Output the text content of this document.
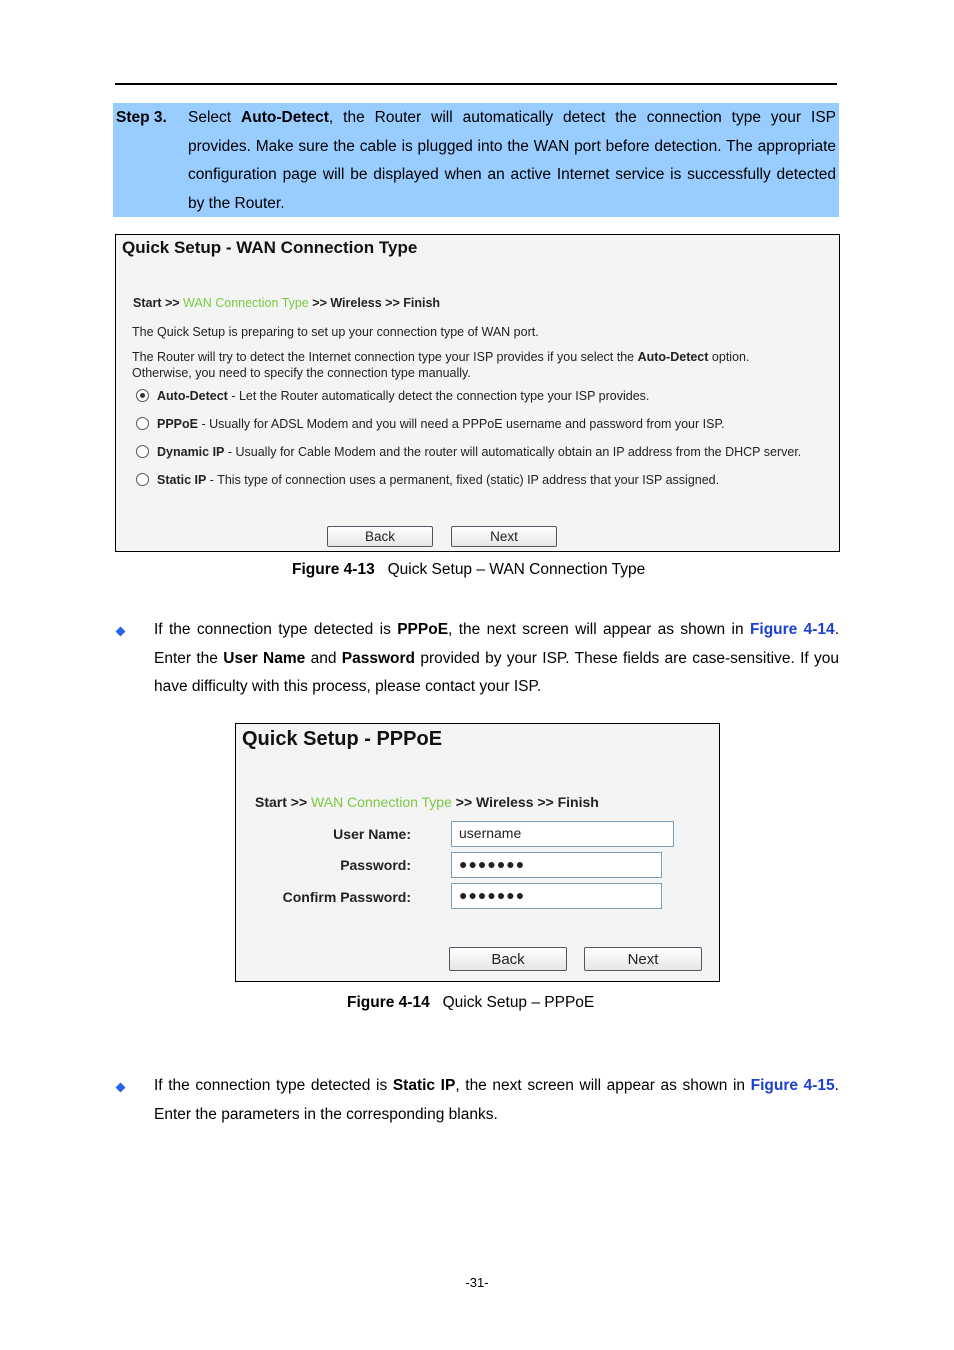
Step 3. Select Auto-Detect, the Router will automatically detect the connection type your ISP provides. Make sure the cable is plugged into the WAN port before detection. The appropriate configuration page will be displayed when an active Internet service is successfully detected by the Router.
Quick Setup - WAN Connection Type
Start >> WAN Connection Type >> Wireless >> Finish
The Quick Setup is preparing to set up your connection type of WAN port.
The Router will try to detect the Internet connection type your ISP provides if you select the Auto-Detect option.
Otherwise, you need to specify the connection type manually.
Auto-Detect - Let the Router automatically detect the connection type your ISP provides.
PPPoE - Usually for ADSL Modem and you will need a PPPoE username and password from your ISP.
Dynamic IP - Usually for Cable Modem and the router will automatically obtain an IP address from the DHCP server.
Static IP - This type of connection uses a permanent, fixed (static) IP address that your ISP assigned.
Back	Next
Figure 4-13 Quick Setup – WAN Connection Type
If the connection type detected is PPPoE, the next screen will appear as shown in Figure 4-14. Enter the User Name and Password provided by your ISP. These fields are case-sensitive. If you have difficulty with this process, please contact your ISP.
Quick Setup - PPPoE
Start >> WAN Connection Type >> Wireless >> Finish
User Name:	username
Password:	●●●●●●●
Confirm Password:	●●●●●●●
Back	Next
Figure 4-14 Quick Setup – PPPoE
If the connection type detected is Static IP, the next screen will appear as shown in Figure 4-15. Enter the parameters in the corresponding blanks.
-31-
